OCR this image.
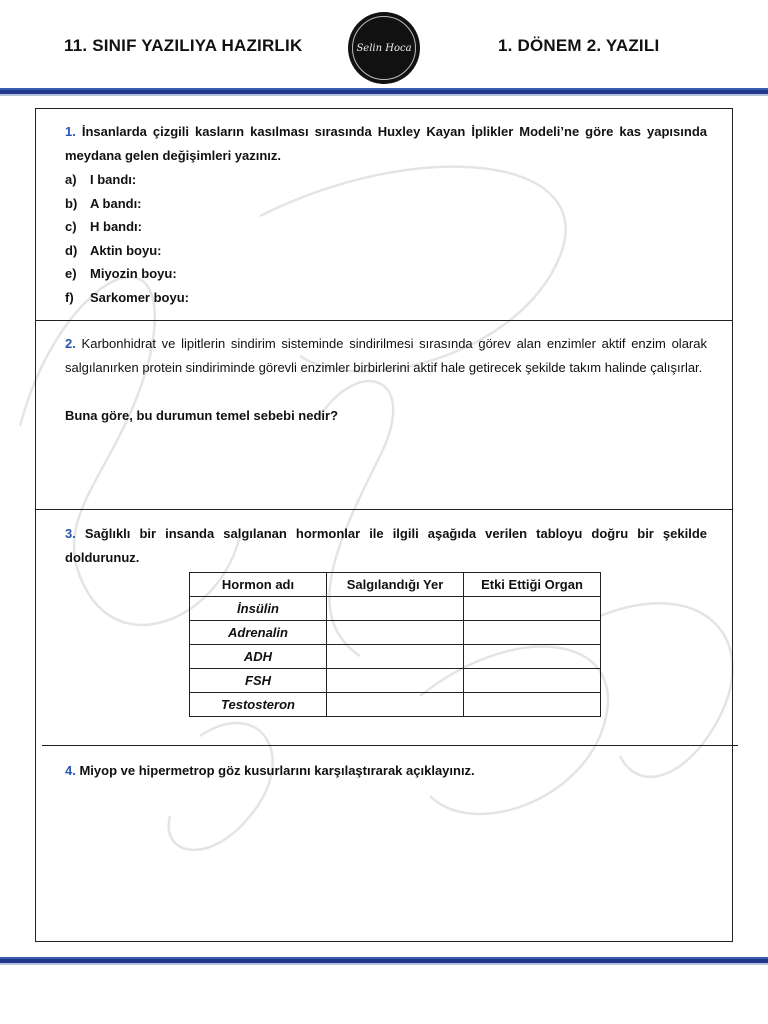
11. SINIF YAZILIYA HAZIRLIK	Selin Hoca	1. DÖNEM 2. YAZILI
1. İnsanlarda çizgili kasların kasılması sırasında Huxley Kayan İplikler Modeli’ne göre kas yapısında meydana gelen değişimleri yazınız.
a) I bandı:
b) A bandı:
c) H bandı:
d) Aktin boyu:
e) Miyozin boyu:
f) Sarkomer boyu:
2. Karbonhidrat ve lipitlerin sindirim sisteminde sindirilmesi sırasında görev alan enzimler aktif enzim olarak salgılanırken protein sindiriminde görevli enzimler birbirlerini aktif hale getirecek şekilde takım halinde çalışırlar.
Buna göre, bu durumun temel sebebi nedir?
3. Sağlıklı bir insanda salgılanan hormonlar ile ilgili aşağıda verilen tabloyu doğru bir şekilde doldurunuz.
Hormon adı	Salgılandığı Yer	Etki Ettiği Organ
İnsülin		
Adrenalin		
ADH		
FSH		
Testosteron		
4. Miyop ve hipermetrop göz kusurlarını karşılaştırarak açıklayınız.
